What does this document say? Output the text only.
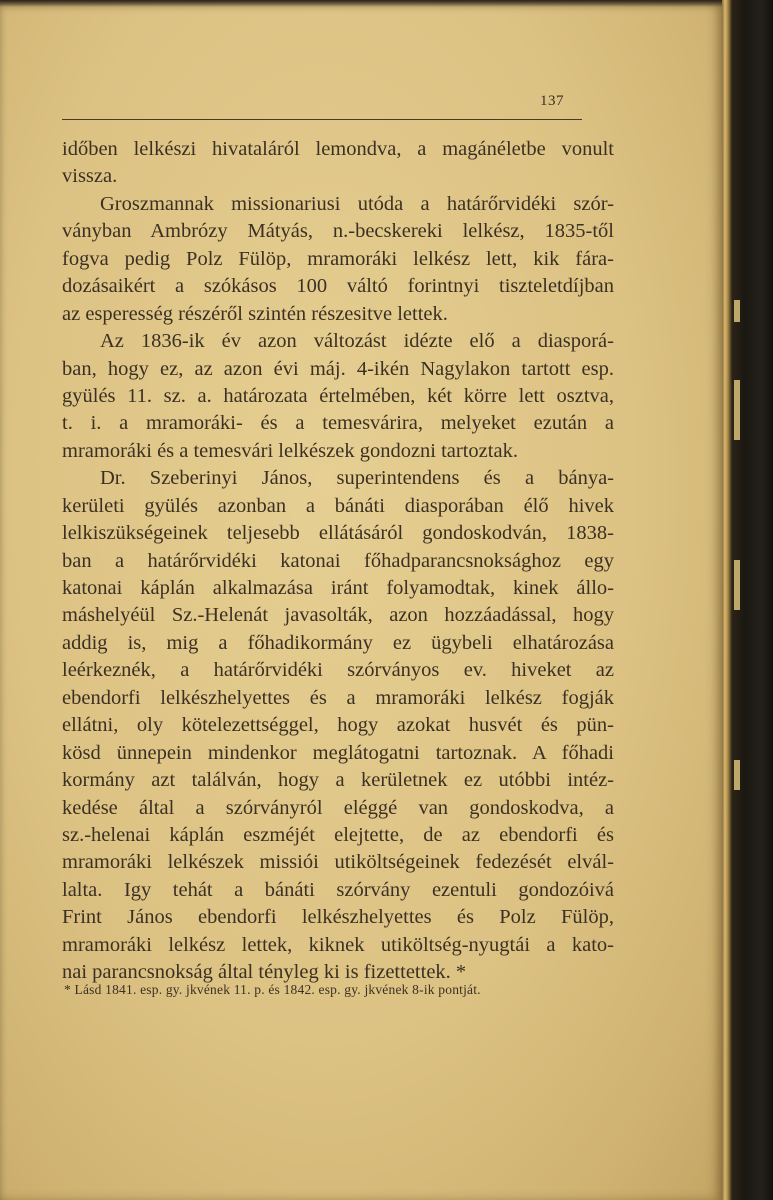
137
időben lelkészi hivataláról lemondva, a magánéletbe vonult
vissza.
Groszmannak missionariusi utóda a határőrvidéki szór-
ványban Ambrózy Mátyás, n.-becskereki lelkész, 1835-től
fogva pedig Polz Fülöp, mramoráki lelkész lett, kik fára-
dozásaikért a szókásos 100 váltó forintnyi tiszteletdíjban
az esperesség részéről szintén részesitve lettek.
Az 1836-ik év azon változást idézte elő a diasporá-
ban, hogy ez, az azon évi máj. 4-ikén Nagylakon tartott esp.
gyülés 11. sz. a. határozata értelmében, két körre lett osztva,
t. i. a mramoráki- és a temesvárira, melyeket ezután a
mramoráki és a temesvári lelkészek gondozni tartoztak.
Dr. Szeberinyi János, superintendens és a bánya-
kerületi gyülés azonban a bánáti diasporában élő hivek
lelkiszükségeinek teljesebb ellátásáról gondoskodván, 1838-
ban a határőrvidéki katonai főhadparancsnoksághoz egy
katonai káplán alkalmazása iránt folyamodtak, kinek állo-
máshelyéül Sz.-Helenát javasolták, azon hozzáadással, hogy
addig is, mig a főhadikormány ez ügybeli elhatározása
leérkeznék, a határőrvidéki szórványos ev. hiveket az
ebendorfi lelkészhelyettes és a mramoráki lelkész fogják
ellátni, oly kötelezettséggel, hogy azokat husvét és pün-
kösd ünnepein mindenkor meglátogatni tartoznak. A főhadi
kormány azt találván, hogy a kerületnek ez utóbbi intéz-
kedése által a szórványról eléggé van gondoskodva, a
sz.-helenai káplán eszméjét elejtette, de az ebendorfi és
mramoráki lelkészek missiói utiköltségeinek fedezését elvál-
lalta. Igy tehát a bánáti szórvány ezentuli gondozóivá
Frint János ebendorfi lelkészhelyettes és Polz Fülöp,
mramoráki lelkész lettek, kiknek utiköltség-nyugtái a kato-
nai parancsnokság által tényleg ki is fizettettek. *
* Lásd 1841. esp. gy. jkvének 11. p. és 1842. esp. gy. jkvének 8-ik pontját.
